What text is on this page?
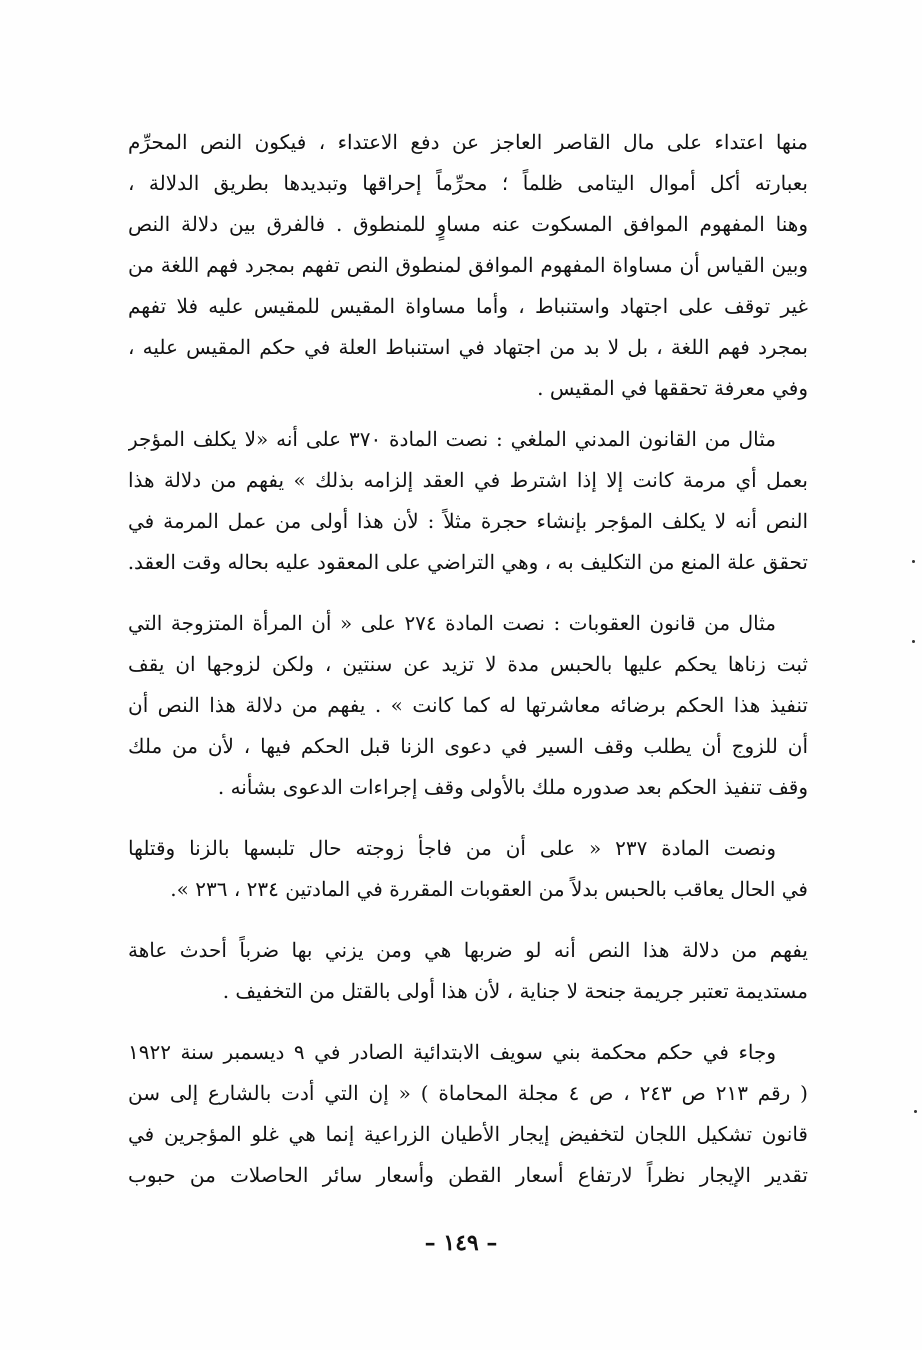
منها اعتداء على مال القاصر العاجز عن دفع الاعتداء ، فيكون النص المحرِّم
بعبارته أكل أموال اليتامى ظلماً ؛ محرِّماً إحراقها وتبديدها بطريق الدلالة ،
وهنا المفهوم الموافق المسكوت عنه مساوٍ للمنطوق . فالفرق بين دلالة النص
وبين القياس أن مساواة المفهوم الموافق لمنطوق النص تفهم بمجرد فهم اللغة من
غير توقف على اجتهاد واستنباط ، وأما مساواة المقيس للمقيس عليه فلا تفهم
بمجرد فهم اللغة ، بل لا بد من اجتهاد في استنباط العلة في حكم المقيس عليه ،
وفي معرفة تحققها في المقيس .
مثال من القانون المدني الملغي : نصت المادة ٣٧٠ على أنه «لا يكلف المؤجر
بعمل أي مرمة كانت إلا إذا اشترط في العقد إلزامه بذلك » يفهم من دلالة هذا
النص أنه لا يكلف المؤجر بإنشاء حجرة مثلاً : لأن هذا أولى من عمل المرمة في
تحقق علة المنع من التكليف به ، وهي التراضي على المعقود عليه بحاله وقت العقد.
مثال من قانون العقوبات : نصت المادة ٢٧٤ على « أن المرأة المتزوجة التي
ثبت زناها يحكم عليها بالحبس مدة لا تزيد عن سنتين ، ولكن لزوجها ان يقف
تنفيذ هذا الحكم برضائه معاشرتها له كما كانت » . يفهم من دلالة هذا النص أن
أن للزوج أن يطلب وقف السير في دعوى الزنا قبل الحكم فيها ، لأن من ملك
وقف تنفيذ الحكم بعد صدوره ملك بالأولى وقف إجراءات الدعوى بشأنه .
ونصت المادة ٢٣٧ « على أن من فاجأ زوجته حال تلبسها بالزنا وقتلها
في الحال يعاقب بالحبس بدلاً من العقوبات المقررة في المادتين ٢٣٤ ، ٢٣٦ ».
يفهم من دلالة هذا النص أنه لو ضربها هي ومن يزني بها ضرباً أحدث عاهة
مستديمة تعتبر جريمة جنحة لا جناية ، لأن هذا أولى بالقتل من التخفيف .
وجاء في حكم محكمة بني سويف الابتدائية الصادر في ٩ ديسمبر سنة ١٩٢٢
( رقم ٢١٣ ص ٢٤٣ ، ص ٤ مجلة المحاماة ) « إن التي أدت بالشارع إلى سن
قانون تشكيل اللجان لتخفيض إيجار الأطيان الزراعية إنما هي غلو المؤجرين في
تقدير الإيجار نظراً لارتفاع أسعار القطن وأسعار سائر الحاصلات من حبوب
– ١٤٩ –
